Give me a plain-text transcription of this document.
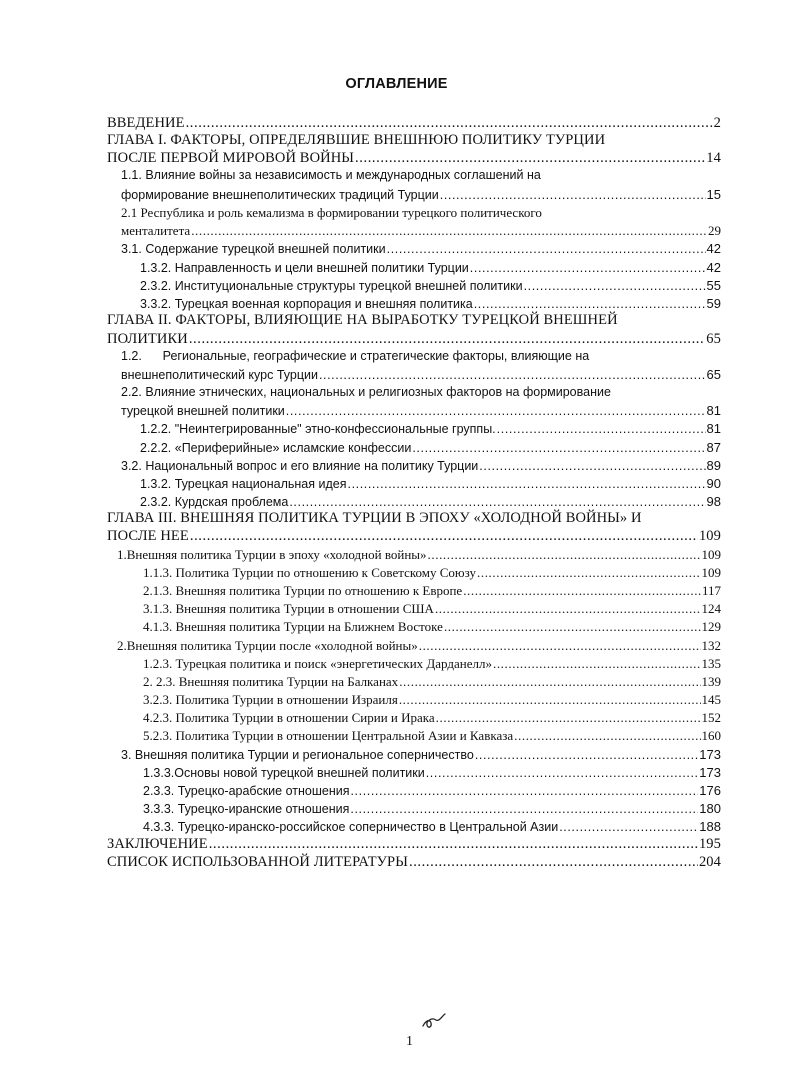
ОГЛАВЛЕНИЕ
ВВЕДЕНИЕ .....	2
ГЛАВА I. ФАКТОРЫ, ОПРЕДЕЛЯВШИЕ ВНЕШНЮЮ ПОЛИТИКУ ТУРЦИИ
ПОСЛЕ ПЕРВОЙ МИРОВОЙ ВОЙНЫ .....	14
1.1. Влияние войны за независимость и международных соглашений на
формирование внешнеполитических традиций Турции .....	15
2.1 Республика и роль кемализма в формировании турецкого политического
менталитета .....	29
3.1. Содержание турецкой внешней политики .....	42
1.3.2. Направленность и цели внешней политики Турции .....	42
2.3.2. Институциональные структуры турецкой внешней политики .....	55
3.3.2. Турецкая военная корпорация и внешняя политика .....	59
ГЛАВА II. ФАКТОРЫ, ВЛИЯЮЩИЕ НА ВЫРАБОТКУ ТУРЕЦКОЙ ВНЕШНЕЙ
ПОЛИТИКИ .....	65
1.2.      Региональные, географические и стратегические факторы, влияющие на
внешнеполитический курс Турции .....	65
2.2. Влияние этнических, национальных и религиозных факторов на формирование
турецкой внешней политики .....	81
1.2.2. "Неинтегрированные" этно-конфессиональные группы. .....	81
2.2.2. «Периферийные» исламские конфессии .....	87
3.2. Национальный вопрос и его влияние на политику Турции .....	89
1.3.2. Турецкая национальная идея .....	90
2.3.2. Курдская проблема .....	98
ГЛАВА III. ВНЕШНЯЯ ПОЛИТИКА ТУРЦИИ В ЭПОХУ «ХОЛОДНОЙ ВОЙНЫ» И
ПОСЛЕ НЕЕ .....	109
1.Внешняя политика Турции в эпоху «холодной войны» .....	109
1.1.3. Политика Турции по отношению к Советскому Союзу .....	109
2.1.3. Внешняя политика Турции по отношению к Европе .....	117
3.1.3. Внешняя политика Турции в отношении США .....	124
4.1.3. Внешняя политика Турции на Ближнем Востоке .....	129
2.Внешняя политика Турции после «холодной войны» .....	132
1.2.3. Турецкая политика и поиск «энергетических Дарданелл» .....	135
2. 2.3. Внешняя политика Турции на Балканах .....	139
3.2.3. Политика Турции в отношении Израиля .....	145
4.2.3. Политика Турции в отношении Сирии и Ирака .....	152
5.2.3. Политика Турции в отношении Центральной Азии и Кавказа .....	160
3. Внешняя политика Турции и региональное соперничество .....	173
1.3.3.Основы новой турецкой внешней политики .....	173
2.3.3. Турецко-арабские отношения .....	176
3.3.3. Турецко-иранские отношения .....	180
4.3.3. Турецко-иранско-российское соперничество в Центральной Азии .....	188
ЗАКЛЮЧЕНИЕ .....	195
СПИСОК ИСПОЛЬЗОВАННОЙ ЛИТЕРАТУРЫ .....	204
1
